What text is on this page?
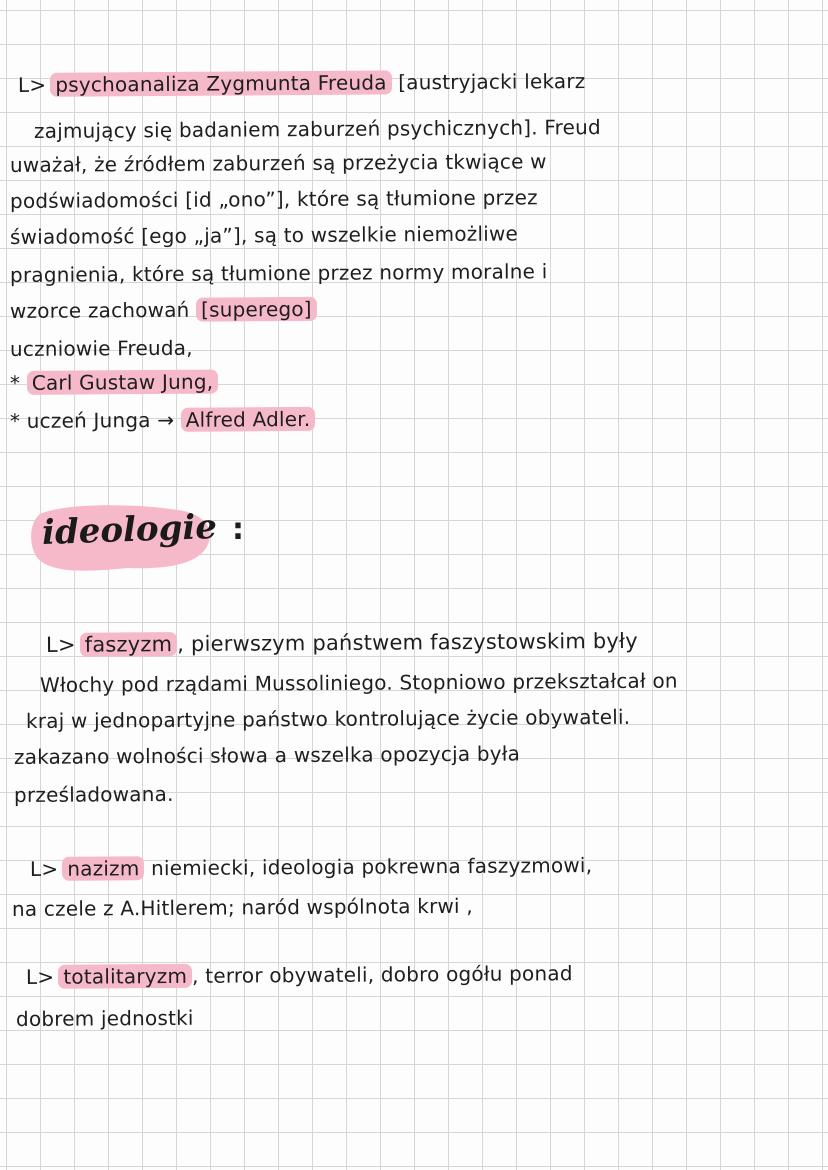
L> psychoanaliza Zygmunta Freuda [austryjacki lekarz
zajmujący się badaniem zaburzeń psychicznych]. Freud
uważał, że źródłem zaburzeń są przeżycia tkwiące w
podświadomości [id „ono”], które są tłumione przez
świadomość [ego „ja”], są to wszelkie niemożliwe
pragnienia, które są tłumione przez normy moralne i
wzorce zachowań [superego]
uczniowie Freuda,
* Carl Gustaw Jung,
* uczeń Junga → Alfred Adler.
ideologie :
L> faszyzm , pierwszym państwem faszystowskim były
Włochy pod rządami Mussoliniego. Stopniowo przekształcał on
kraj w jednopartyjne państwo kontrolujące życie obywateli.
zakazano wolności słowa a wszelka opozycja była
prześladowana.
L> nazizm niemiecki, ideologia pokrewna faszyzmowi,
na czele z A.Hitlerem; naród wspólnota krwi ,
L> totalitaryzm , terror obywateli, dobro ogółu ponad
dobrem jednostki
